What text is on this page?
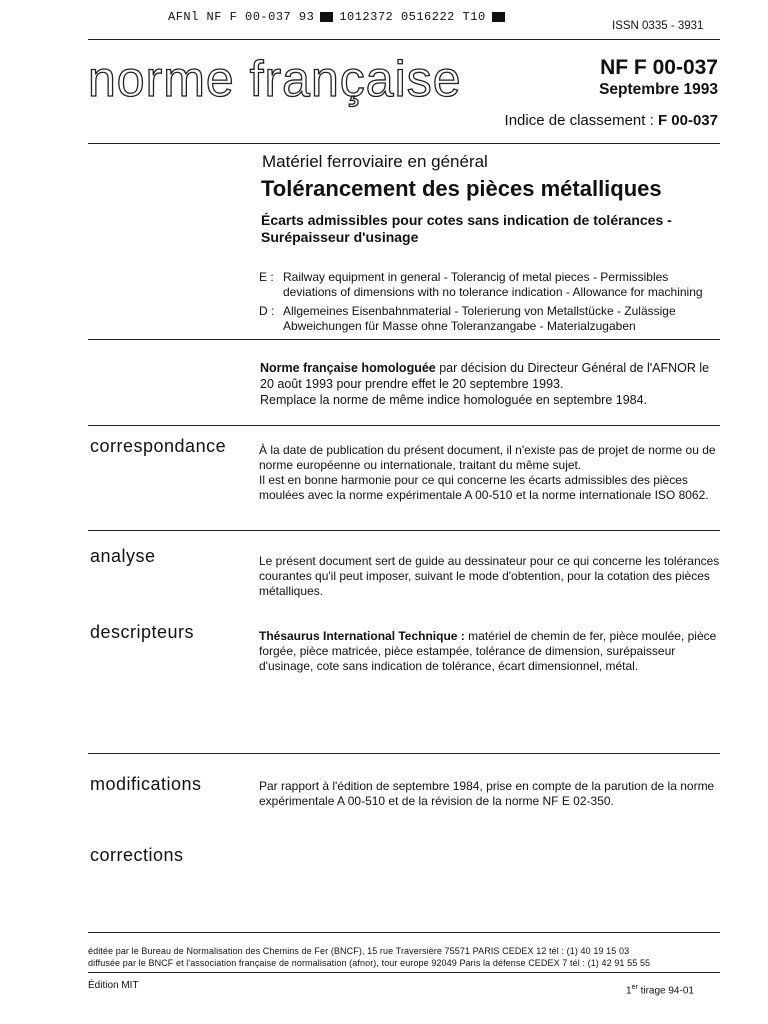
AFNl NF F 00-037 93 1012372 0516222 T10
ISSN 0335 - 3931
norme française	NF F 00-037
Septembre 1993
Indice de classement : F 00-037
Matériel ferroviaire en général
Tolérancement des pièces métalliques
Écarts admissibles pour cotes sans indication de tolérances -
Surépaisseur d'usinage
E : Railway equipment in general - Tolerancig of metal pieces - Permissibles deviations of dimensions with no tolerance indication - Allowance for machining
D : Allgemeines Eisenbahnmaterial - Tolerierung von Metallstücke - Zulässige Abweichungen für Masse ohne Toleranzangabe - Materialzugaben
Norme française homologuée par décision du Directeur Général de l'AFNOR le 20 août 1993 pour prendre effet le 20 septembre 1993.
Remplace la norme de même indice homologuée en septembre 1984.
correspondance	À la date de publication du présent document, il n'existe pas de projet de norme ou de norme européenne ou internationale, traitant du même sujet.
Il est en bonne harmonie pour ce qui concerne les écarts admissibles des pièces moulées avec la norme expérimentale A 00-510 et la norme internationale ISO 8062.
analyse	Le présent document sert de guide au dessinateur pour ce qui concerne les tolérances courantes qu'il peut imposer, suivant le mode d'obtention, pour la cotation des pièces métalliques.
descripteurs	Thésaurus International Technique : matériel de chemin de fer, pièce moulée, pièce forgée, pièce matricée, pièce estampée, tolérance de dimension, surépaisseur d'usinage, cote sans indication de tolérance, écart dimensionnel, métal.
modifications	Par rapport à l'édition de septembre 1984, prise en compte de la parution de la norme expérimentale A 00-510 et de la révision de la norme NF E 02-350.
corrections
éditée par le Bureau de Normalisation des Chemins de Fer (BNCF), 15 rue Traversière 75571 PARIS CEDEX 12 tél : (1) 40 19 15 03
diffusée par le BNCF et l'association française de normalisation (afnor), tour europe 92049 Paris la défense CEDEX 7 tél : (1) 42 91 55 55
Édition MIT	1er tirage 94-01
